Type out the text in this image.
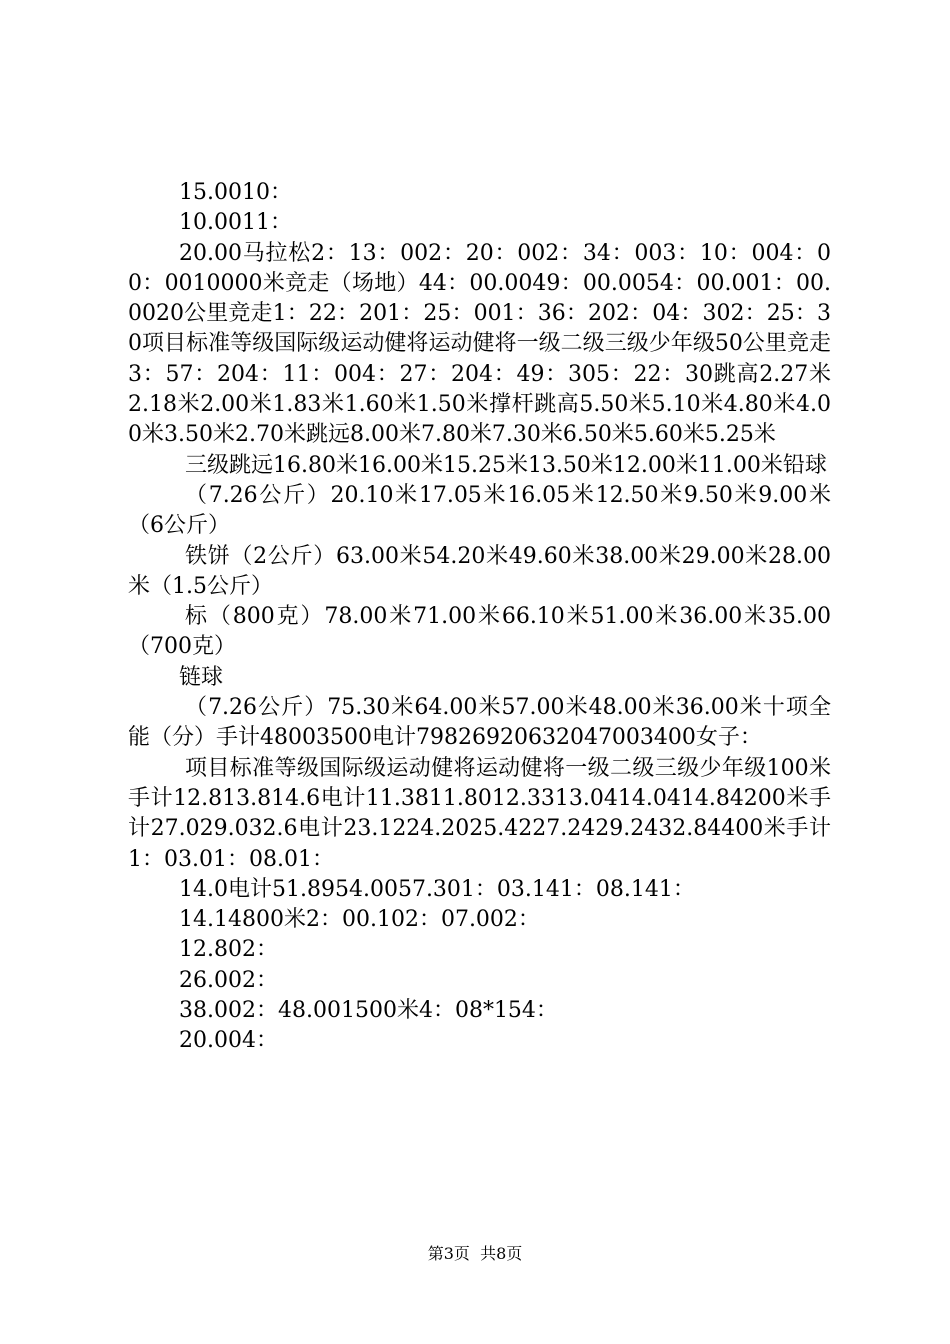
15.0010：

10.0011：

20.00马拉松2：13：002：20：002：34：003：10：004：00：0010000米竞走（场地）44：00.0049：00.0054：00.001：00.0020公里竞走1：22：201：25：001：36：202：04：302：25：30项目标准等级国际级运动健将运动健将一级二级三级少年级50公里竞走3：57：204：11：004：27：204：49：305：22：30跳高2.27米2.18米2.00米1.83米1.60米1.50米撑杆跳高5.50米5.10米4.80米4.00米3.50米2.70米跳远8.00米7.80米7.30米6.50米5.60米5.25米

三级跳远16.80米16.00米15.25米13.50米12.00米11.00米铅球

（7.26公斤）20.10米17.05米16.05米12.50米9.50米9.00米（6公斤）

铁饼（2公斤）63.00米54.20米49.60米38.00米29.00米28.00米（1.5公斤）

标（800克）78.00米71.00米66.10米51.00米36.00米35.00（700克）

链球

（7.26公斤）75.30米64.00米57.00米48.00米36.00米十项全能（分）手计48003500电计79826920632047003400女子：

项目标准等级国际级运动健将运动健将一级二级三级少年级100米手计12.813.814.6电计11.3811.8012.3313.0414.0414.84200米手计27.029.032.6电计23.1224.2025.4227.2429.2432.84400米手计1：03.01：08.01：

14.0电计51.8954.0057.301：03.141：08.141：

14.14800米2：00.102：07.002：

12.802：

26.002：

38.002：48.001500米4：08*154：

20.004：

第3页  共8页
